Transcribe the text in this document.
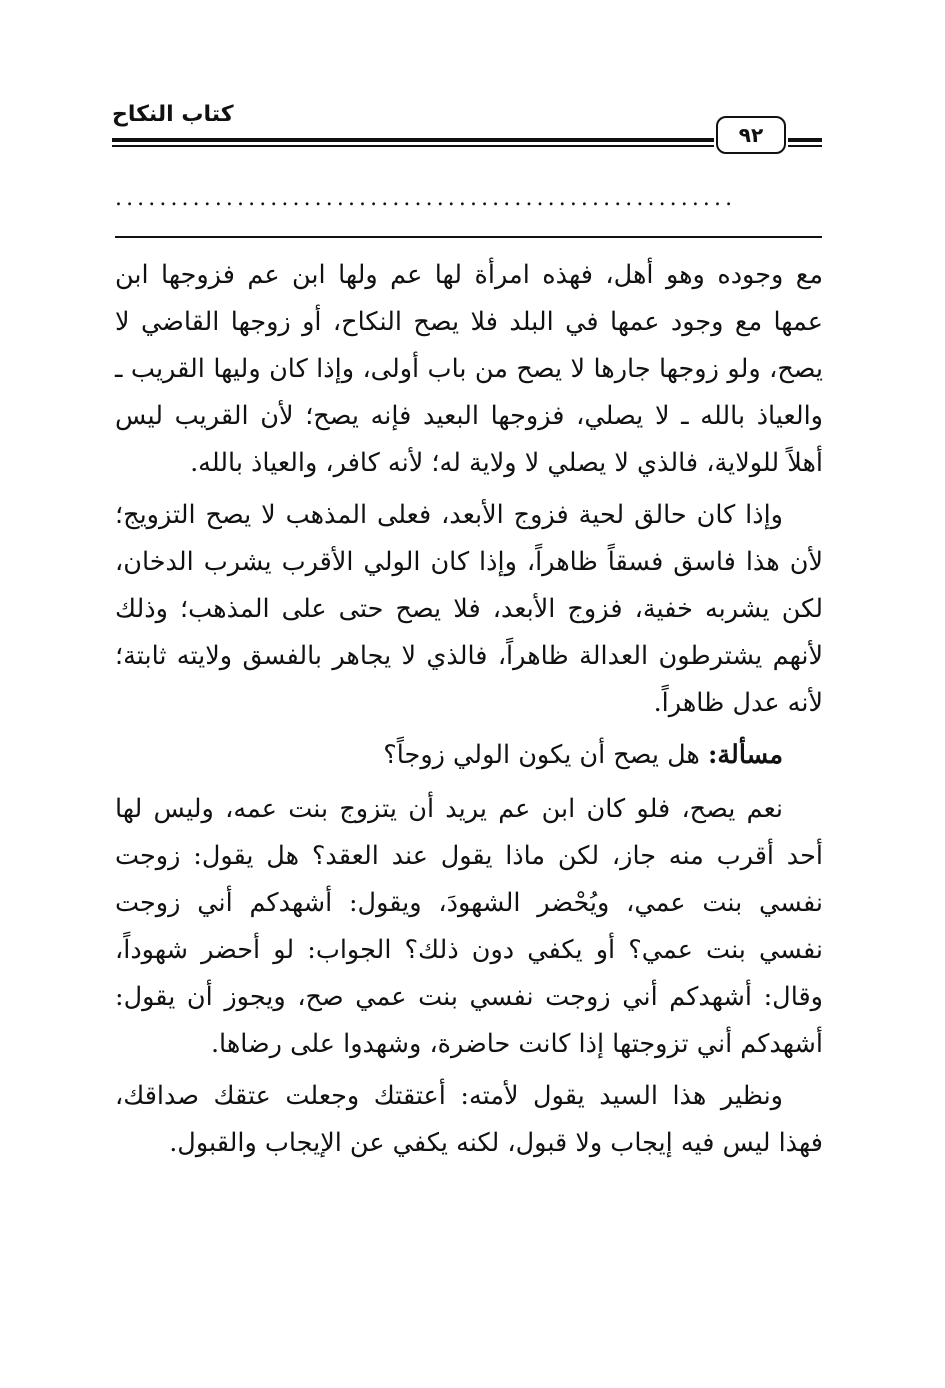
كتاب النكاح
٩٢
........................................................

مع وجوده وهو أهل، فهذه امرأة لها عم ولها ابن عم فزوجها ابن عمها مع وجود عمها في البلد فلا يصح النكاح، أو زوجها القاضي لا يصح، ولو زوجها جارها لا يصح من باب أولى، وإذا كان وليها القريب ـ والعياذ بالله ـ لا يصلي، فزوجها البعيد فإنه يصح؛ لأن القريب ليس أهلاً للولاية، فالذي لا يصلي لا ولاية له؛ لأنه كافر، والعياذ بالله.

وإذا كان حالق لحية فزوج الأبعد، فعلى المذهب لا يصح التزويج؛ لأن هذا فاسق فسقاً ظاهراً، وإذا كان الولي الأقرب يشرب الدخان، لكن يشربه خفية، فزوج الأبعد، فلا يصح حتى على المذهب؛ وذلك لأنهم يشترطون العدالة ظاهراً، فالذي لا يجاهر بالفسق ولايته ثابتة؛ لأنه عدل ظاهراً.

مسألة: هل يصح أن يكون الولي زوجاً؟

نعم يصح، فلو كان ابن عم يريد أن يتزوج بنت عمه، وليس لها أحد أقرب منه جاز، لكن ماذا يقول عند العقد؟ هل يقول: زوجت نفسي بنت عمي، ويُحْضر الشهودَ، ويقول: أشهدكم أني زوجت نفسي بنت عمي؟ أو يكفي دون ذلك؟ الجواب: لو أحضر شهوداً، وقال: أشهدكم أني زوجت نفسي بنت عمي صح، ويجوز أن يقول: أشهدكم أني تزوجتها إذا كانت حاضرة، وشهدوا على رضاها.

ونظير هذا السيد يقول لأمته: أعتقتك وجعلت عتقك صداقك، فهذا ليس فيه إيجاب ولا قبول، لكنه يكفي عن الإيجاب والقبول.
